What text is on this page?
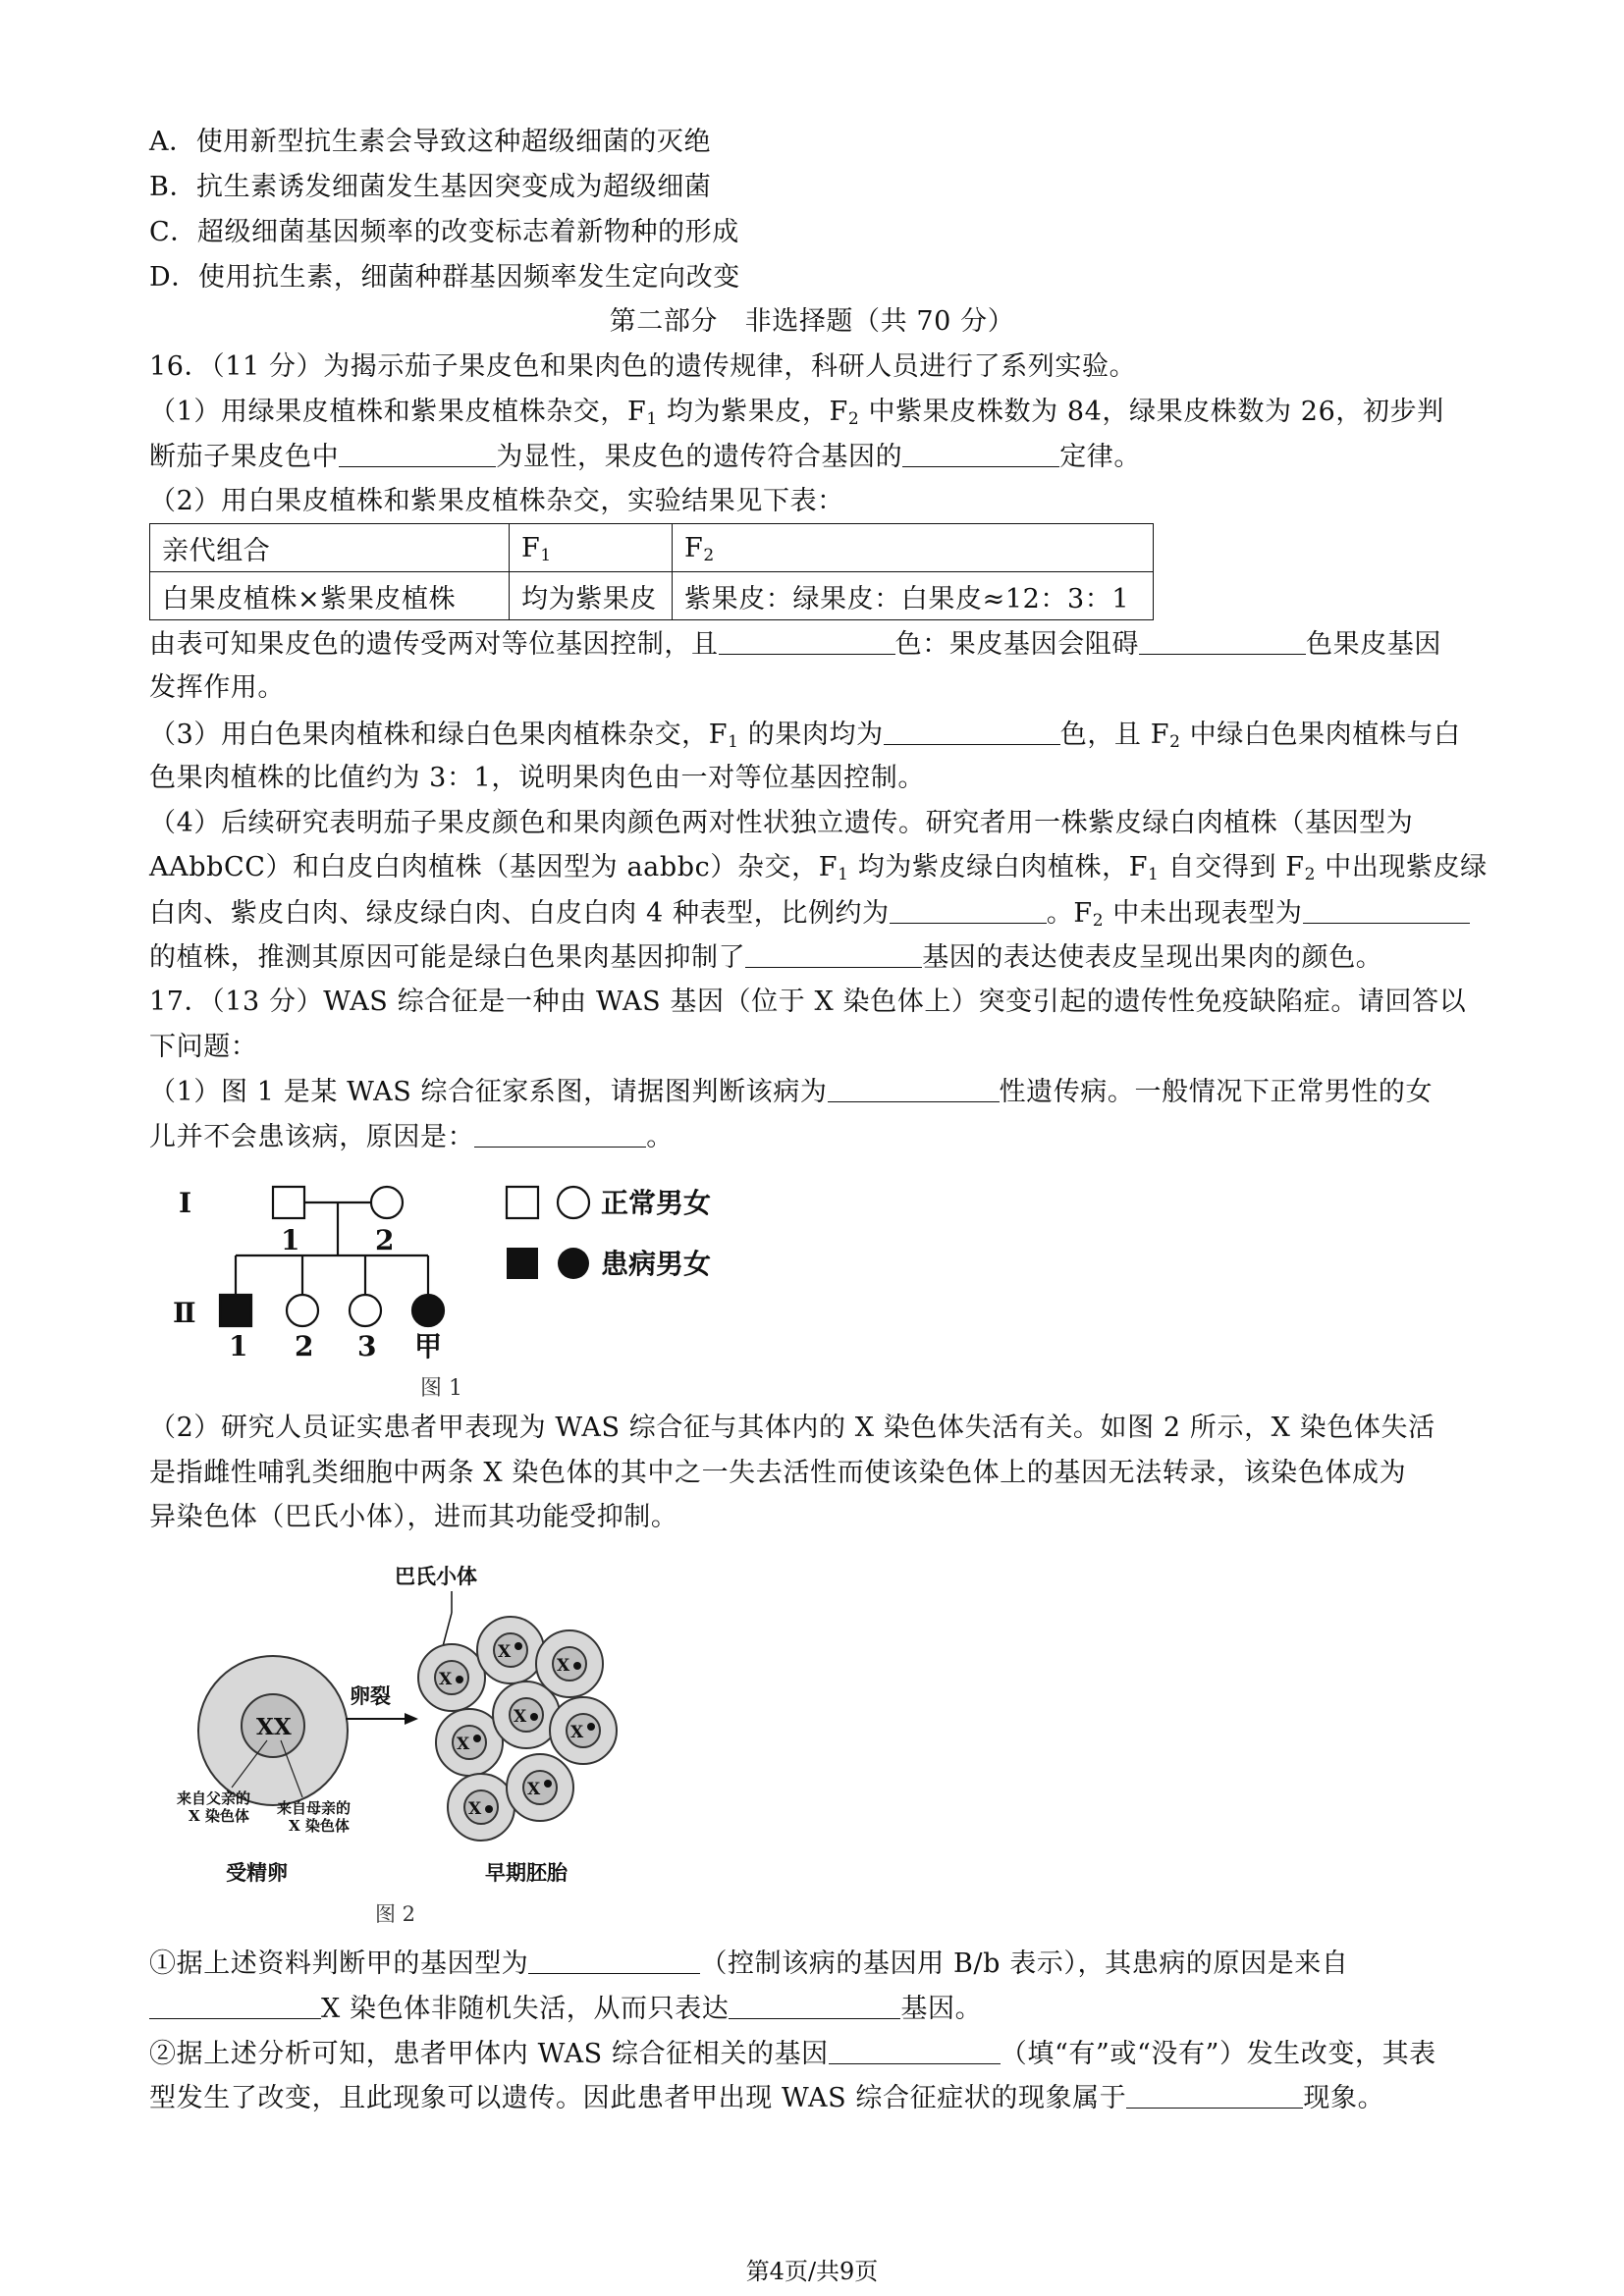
A．使用新型抗生素会导致这种超级细菌的灭绝
B．抗生素诱发细菌发生基因突变成为超级细菌
C．超级细菌基因频率的改变标志着新物种的形成
D．使用抗生素，细菌种群基因频率发生定向改变
第二部分　非选择题（共 70 分）
16．（11 分）为揭示茄子果皮色和果肉色的遗传规律，科研人员进行了系列实验。
（1）用绿果皮植株和紫果皮植株杂交，$F_1$ 均为紫果皮，$F_2$ 中紫果皮株数为 84，绿果皮株数为 26，初步判
断茄子果皮色中	为显性，果皮色的遗传符合基因的	定律。
（2）用白果皮植株和紫果皮植株杂交，实验结果见下表：
亲代组合	$F_1$	$F_2$
白果皮植株×紫果皮植株	均为紫果皮	紫果皮：绿果皮：白果皮≈12：3：1
由表可知果皮色的遗传受两对等位基因控制，且	色：果皮基因会阻碍	色果皮基因
发挥作用。
（3）用白色果肉植株和绿白色果肉植株杂交，$F_1$ 的果肉均为	色，且 $F_2$ 中绿白色果肉植株与白
色果肉植株的比值约为 3：1，说明果肉色由一对等位基因控制。
（4）后续研究表明茄子果皮颜色和果肉颜色两对性状独立遗传。研究者用一株紫皮绿白肉植株（基因型为
AAbbCC）和白皮白肉植株（基因型为 aabbc）杂交，$F_1$ 均为紫皮绿白肉植株，$F_1$ 自交得到 $F_2$ 中出现紫皮绿
白肉、紫皮白肉、绿皮绿白肉、白皮白肉 4 种表型，比例约为	。$F_2$ 中未出现表型为
的植株，推测其原因可能是绿白色果肉基因抑制了	基因的表达使表皮呈现出果肉的颜色。
17．（13 分）WAS 综合征是一种由 WAS 基因（位于 X 染色体上）突变引起的遗传性免疫缺陷症。请回答以
下问题：
（1）图 1 是某 WAS 综合征家系图，请据图判断该病为	性遗传病。一般情况下正常男性的女
儿并不会患该病，原因是：	。
I
Ⅱ
1	2
1 2 3 甲
正常男女
患病男女
图 1
（2）研究人员证实患者甲表现为 WAS 综合征与其体内的 X 染色体失活有关。如图 2 所示，X 染色体失活
是指雌性哺乳类细胞中两条 X 染色体的其中之一失去活性而使该染色体上的基因无法转录，该染色体成为
异染色体（巴氏小体），进而其功能受抑制。
巴氏小体
XX
来自父亲的
X 染色体 来自母亲的
X 染色体
卵裂
X
X
X
X
X
X
X
X
受精卵	早期胚胎
图 2
①据上述资料判断甲的基因型为	（控制该病的基因用 B/b 表示），其患病的原因是来自
X 染色体非随机失活，从而只表达	基因。
②据上述分析可知，患者甲体内 WAS 综合征相关的基因	（填“有”或“没有”）发生改变，其表
型发生了改变，且此现象可以遗传。因此患者甲出现 WAS 综合征症状的现象属于	现象。
第4页/共9页
